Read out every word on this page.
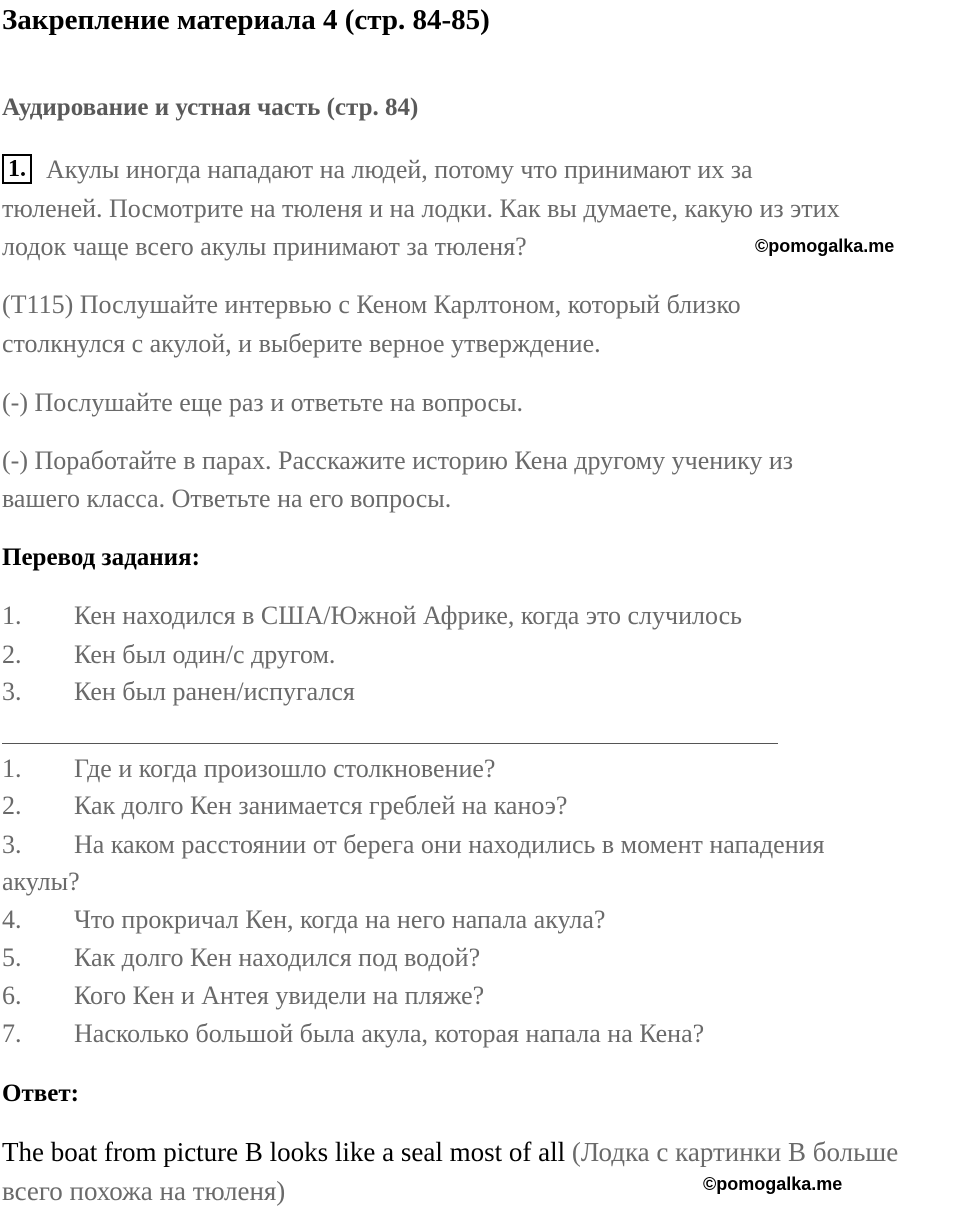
Закрепление материала 4 (стр. 84-85)
Аудирование и устная часть (стр. 84)
1. Акулы иногда нападают на людей, потому что принимают их за
тюленей. Посмотрите на тюленя и на лодки. Как вы думаете, какую из этих
лодок чаще всего акулы принимают за тюленя?	©pomogalka.me
(T115) Послушайте интервью с Кеном Карлтоном, который близко
столкнулся с акулой, и выберите верное утверждение.
(-) Послушайте еще раз и ответьте на вопросы.
(-) Поработайте в парах. Расскажите историю Кена другому ученику из
вашего класса. Ответьте на его вопросы.
Перевод задания:
1. Кен находился в США/Южной Африке, когда это случилось
2. Кен был один/с другом.
3. Кен был ранен/испугался
1. Где и когда произошло столкновение?
2. Как долго Кен занимается греблей на каноэ?
3. На каком расстоянии от берега они находились в момент нападения
акулы?
4. Что прокричал Кен, когда на него напала акула?
5. Как долго Кен находился под водой?
6. Кого Кен и Антея увидели на пляже?
7. Насколько большой была акула, которая напала на Кена?
Ответ:
The boat from picture B looks like a seal most of all (Лодка с картинки В больше
всего похожа на тюленя)	©pomogalka.me
